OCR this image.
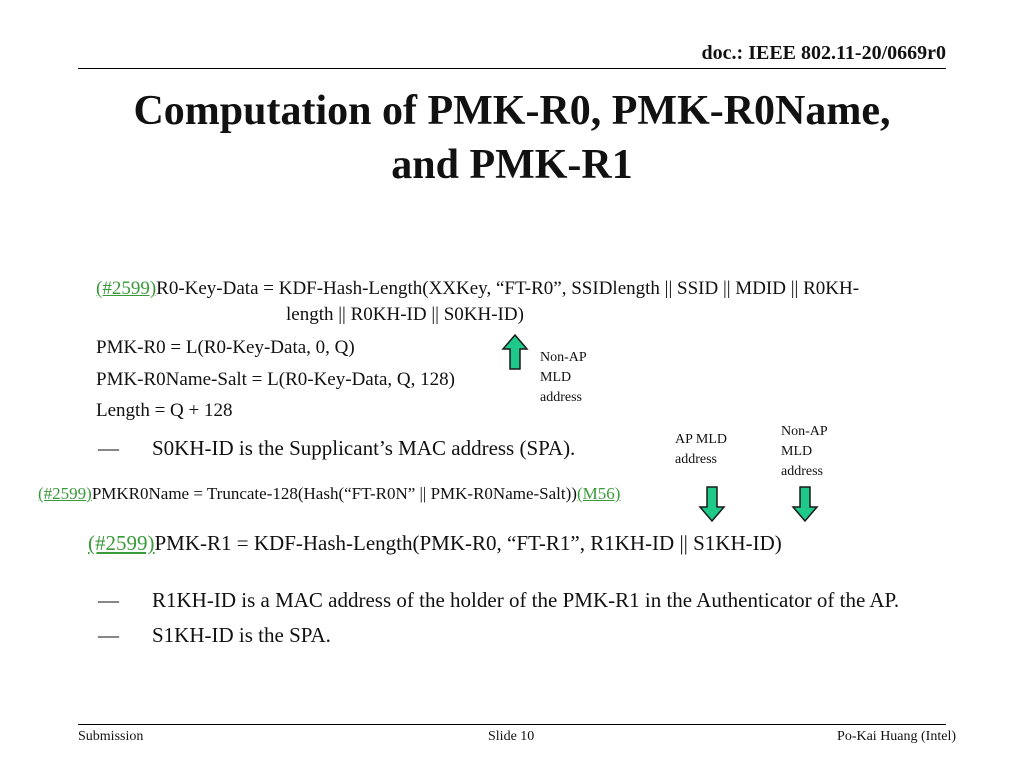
doc.: IEEE 802.11-20/0669r0
Computation of PMK-R0, PMK-R0Name,
and PMK-R1
(#2599)R0-Key-Data = KDF-Hash-Length(XXKey, “FT-R0”, SSIDlength || SSID || MDID || R0KH-
length || R0KH-ID || S0KH-ID)
PMK-R0 = L(R0-Key-Data, 0, Q)
PMK-R0Name-Salt = L(R0-Key-Data, Q, 128)
Length = Q + 128
— S0KH-ID is the Supplicant’s MAC address (SPA).
(#2599)PMKR0Name = Truncate-128(Hash(“FT-R0N” || PMK-R0Name-Salt))(M56)
(#2599)PMK-R1 = KDF-Hash-Length(PMK-R0, “FT-R1”, R1KH-ID || S1KH-ID)
— R1KH-ID is a MAC address of the holder of the PMK-R1 in the Authenticator of the AP.
— S1KH-ID is the SPA.
Non-AP
MLD
address
AP MLD
address
Non-AP
MLD
address
Submission	Slide 10	Po-Kai Huang (Intel)
